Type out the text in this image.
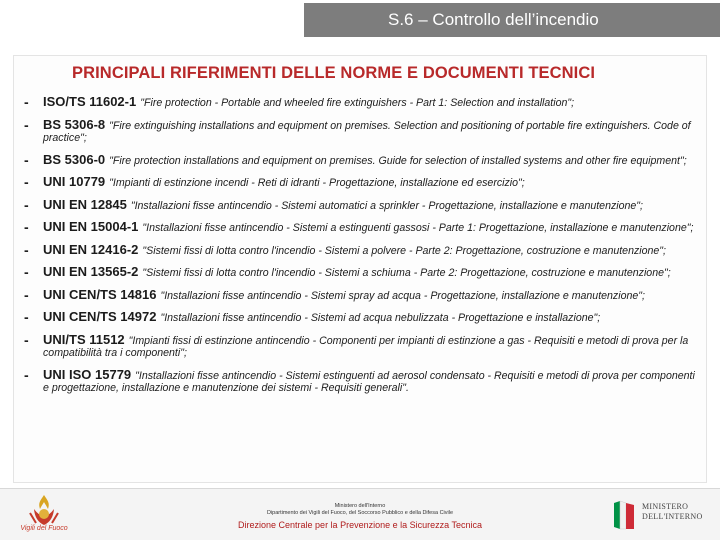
S.6 – Controllo dell’incendio
PRINCIPALI RIFERIMENTI DELLE NORME E DOCUMENTI TECNICI
- ISO/TS 11602-1 "Fire protection - Portable and wheeled fire extinguishers - Part 1: Selection and installation";
- BS 5306-8 "Fire extinguishing installations and equipment on premises. Selection and positioning of portable fire extinguishers. Code of practice";
- BS 5306-0 "Fire protection installations and equipment on premises. Guide for selection of installed systems and other fire equipment";
- UNI 10779 "Impianti di estinzione incendi - Reti di idranti - Progettazione, installazione ed esercizio";
- UNI EN 12845 "Installazioni fisse antincendio - Sistemi automatici a sprinkler - Progettazione, installazione e manutenzione";
- UNI EN 15004-1 "Installazioni fisse antincendio - Sistemi a estinguenti gassosi - Parte 1: Progettazione, installazione e manutenzione";
- UNI EN 12416-2 "Sistemi fissi di lotta contro l'incendio - Sistemi a polvere - Parte 2: Progettazione, costruzione e manutenzione";
- UNI EN 13565-2 "Sistemi fissi di lotta contro l'incendio - Sistemi a schiuma - Parte 2: Progettazione, costruzione e manutenzione";
- UNI CEN/TS 14816 "Installazioni fisse antincendio - Sistemi spray ad acqua - Progettazione, installazione e manutenzione";
- UNI CEN/TS 14972 "Installazioni fisse antincendio - Sistemi ad acqua nebulizzata - Progettazione e installazione";
- UNI/TS 11512 "Impianti fissi di estinzione antincendio - Componenti per impianti di estinzione a gas - Requisiti e metodi di prova per la compatibilità tra i componenti";
- UNI ISO 15779 "Installazioni fisse antincendio - Sistemi estinguenti ad aerosol condensato - Requisiti e metodi di prova per componenti e progettazione, installazione e manutenzione dei sistemi - Requisiti generali".
Vigili del Fuoco
Ministero dell'Interno
Dipartimento dei Vigili del Fuoco, del Soccorso Pubblico e della Difesa Civile
Direzione Centrale per la Prevenzione e la Sicurezza Tecnica
MINISTERO
DELL'INTERNO
